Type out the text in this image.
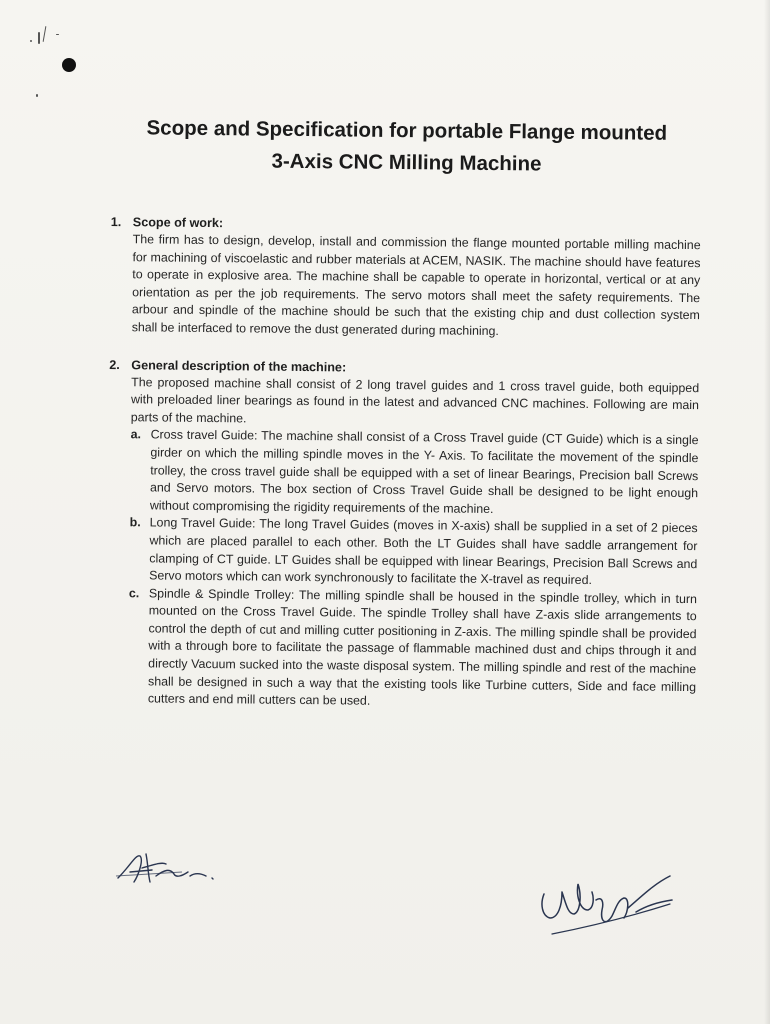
Scope and Specification for portable Flange mounted
3-Axis CNC Milling Machine
1. Scope of work:
The firm has to design, develop, install and commission the flange mounted portable milling machine for machining of viscoelastic and rubber materials at ACEM, NASIK. The machine should have features to operate in explosive area. The machine shall be capable to operate in horizontal, vertical or at any orientation as per the job requirements. The servo motors shall meet the safety requirements. The arbour and spindle of the machine should be such that the existing chip and dust collection system shall be interfaced to remove the dust generated during machining.
2. General description of the machine:
The proposed machine shall consist of 2 long travel guides and 1 cross travel guide, both equipped with preloaded liner bearings as found in the latest and advanced CNC machines. Following are main parts of the machine.
a. Cross travel Guide: The machine shall consist of a Cross Travel guide (CT Guide) which is a single girder on which the milling spindle moves in the Y- Axis. To facilitate the movement of the spindle trolley, the cross travel guide shall be equipped with a set of linear Bearings, Precision ball Screws and Servo motors. The box section of Cross Travel Guide shall be designed to be light enough without compromising the rigidity requirements of the machine.
b. Long Travel Guide: The long Travel Guides (moves in X-axis) shall be supplied in a set of 2 pieces which are placed parallel to each other. Both the LT Guides shall have saddle arrangement for clamping of CT guide. LT Guides shall be equipped with linear Bearings, Precision Ball Screws and Servo motors which can work synchronously to facilitate the X-travel as required.
c. Spindle & Spindle Trolley: The milling spindle shall be housed in the spindle trolley, which in turn mounted on the Cross Travel Guide. The spindle Trolley shall have Z-axis slide arrangements to control the depth of cut and milling cutter positioning in Z-axis. The milling spindle shall be provided with a through bore to facilitate the passage of flammable machined dust and chips through it and directly Vacuum sucked into the waste disposal system. The milling spindle and rest of the machine shall be designed in such a way that the existing tools like Turbine cutters, Side and face milling cutters and end mill cutters can be used.
